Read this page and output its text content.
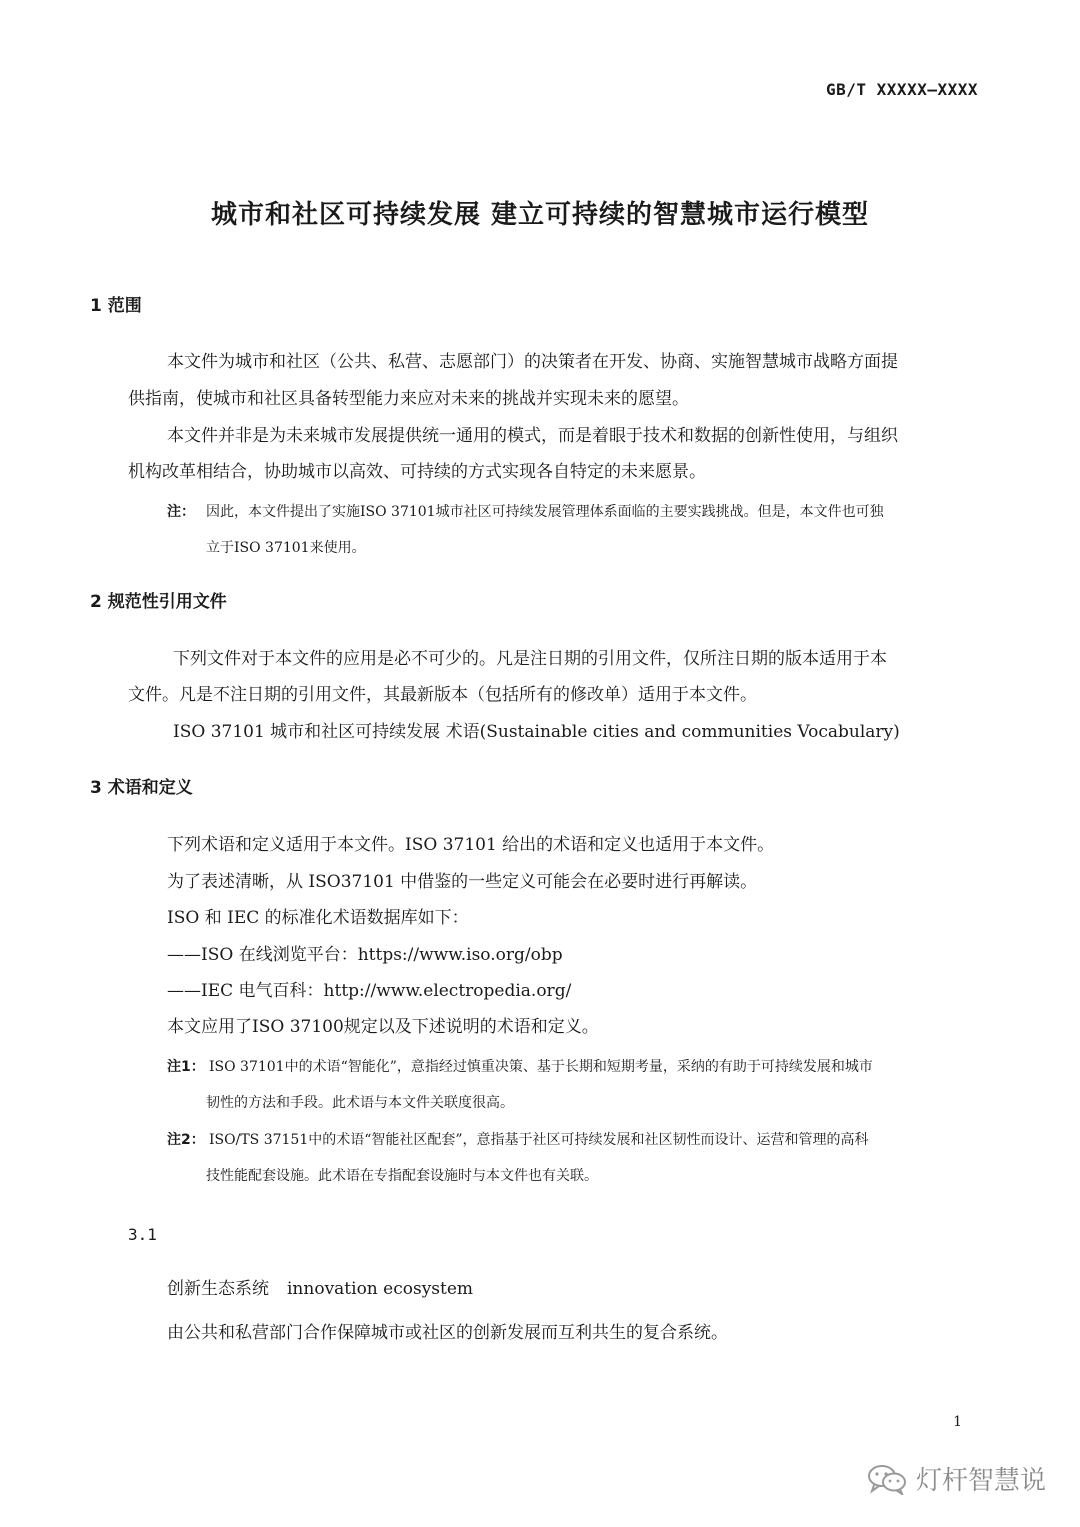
GB/T XXXXX—XXXX
城市和社区可持续发展 建立可持续的智慧城市运行模型
1 范围

本文件为城市和社区（公共、私营、志愿部门）的决策者在开发、协商、实施智慧城市战略方面提

供指南，使城市和社区具备转型能力来应对未来的挑战并实现未来的愿望。

本文件并非是为未来城市发展提供统一通用的模式，而是着眼于技术和数据的创新性使用，与组织

机构改革相结合，协助城市以高效、可持续的方式实现各自特定的未来愿景。

注： 因此，本文件提出了实施ISO 37101城市社区可持续发展管理体系面临的主要实践挑战。但是，本文件也可独

立于ISO 37101来使用。

2 规范性引用文件

下列文件对于本文件的应用是必不可少的。凡是注日期的引用文件，仅所注日期的版本适用于本

文件。凡是不注日期的引用文件，其最新版本（包括所有的修改单）适用于本文件。

ISO 37101 城市和社区可持续发展 术语(Sustainable cities and communities Vocabulary)

3 术语和定义

下列术语和定义适用于本文件。ISO 37101 给出的术语和定义也适用于本文件。

为了表述清晰，从 ISO37101 中借鉴的一些定义可能会在必要时进行再解读。

ISO 和 IEC 的标准化术语数据库如下：

——ISO 在线浏览平台：https://www.iso.org/obp

——IEC 电气百科：http://www.electropedia.org/

本文应用了ISO 37100规定以及下述说明的术语和定义。

注1： ISO 37101中的术语“智能化”，意指经过慎重决策、基于长期和短期考量，采纳的有助于可持续发展和城市

韧性的方法和手段。此术语与本文件关联度很高。

注2： ISO/TS 37151中的术语“智能社区配套”，意指基于社区可持续发展和社区韧性而设计、运营和管理的高科

技性能配套设施。此术语在专指配套设施时与本文件也有关联。

3.1
创新生态系统 innovation ecosystem

由公共和私营部门合作保障城市或社区的创新发展而互利共生的复合系统。

1
灯杆智慧说
